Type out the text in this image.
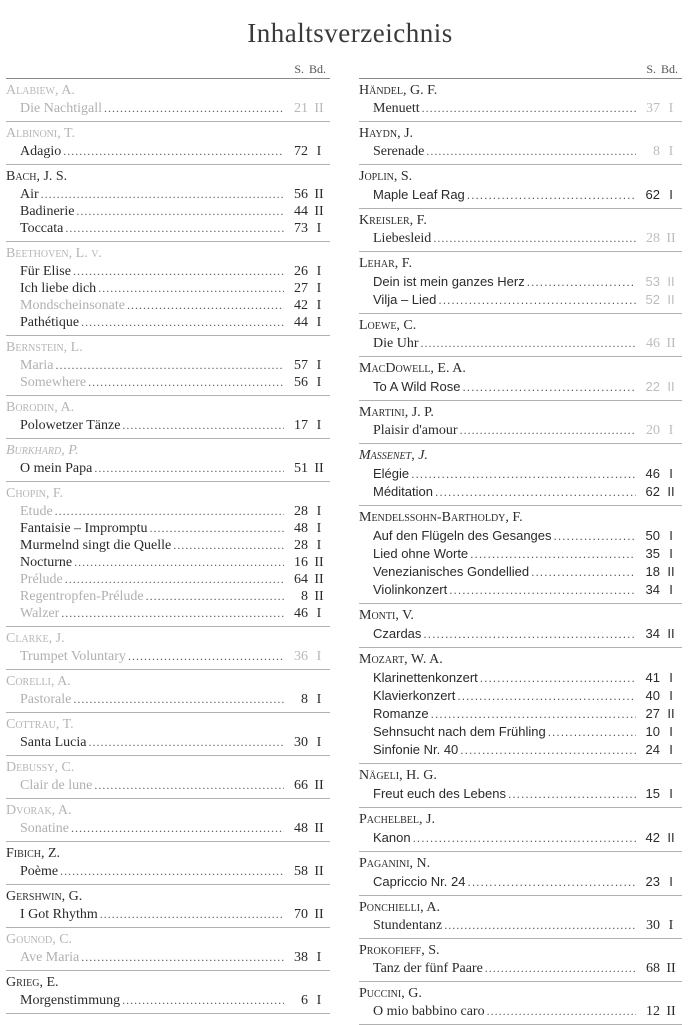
Inhaltsverzeichnis
S. Bd.
Alabiew, A.
Die Nachtigall .....	21 II
Albinoni, T.
Adagio .....	72 I
Bach, J. S.
Air .....	56 II
Badinerie .....	44 II
Toccata .....	73 I
Beethoven, L. v.
Für Elise .....	26 I
Ich liebe dich .....	27 I
Mondscheinsonate .....	42 I
Pathétique .....	44 I
Bernstein, L.
Maria .....	57 I
Somewhere .....	56 I
Borodin, A.
Polowetzer Tänze .....	17 I
Burkhard, P.
O mein Papa .....	51 II
Chopin, F.
Etude .....	28 I
Fantaisie – Impromptu .....	48 I
Murmelnd singt die Quelle .....	28 I
Nocturne .....	16 II
Prélude .....	64 II
Regentropfen-Prélude .....	8 II
Walzer .....	46 I
Clarke, J.
Trumpet Voluntary .....	36 I
Corelli, A.
Pastorale .....	8 I
Cottrau, T.
Santa Lucia .....	30 I
Debussy, C.
Clair de lune .....	66 II
Dvorak, A.
Sonatine .....	48 II
Fibich, Z.
Poème .....	58 II
Gershwin, G.
I Got Rhythm .....	70 II
Gounod, C.
Ave Maria .....	38 I
Grieg, E.
Morgenstimmung .....	6 I
S. Bd.
Händel, G. F.
Menuett .....	37 I
Haydn, J.
Serenade .....	8 I
Joplin, S.
Maple Leaf Rag .....	62 I
Kreisler, F.
Liebesleid .....	28 II
Lehar, F.
Dein ist mein ganzes Herz .....	53 II
Vilja – Lied .....	52 II
Loewe, C.
Die Uhr .....	46 II
MacDowell, E. A.
To A Wild Rose .....	22 II
Martini, J. P.
Plaisir d'amour .....	20 I
Massenet, J.
Elégie .....	46 I
Méditation .....	62 II
Mendelssohn-Bartholdy, F.
Auf den Flügeln des Gesanges .....	50 I
Lied ohne Worte .....	35 I
Venezianisches Gondellied .....	18 II
Violinkonzert .....	34 I
Monti, V.
Czardas .....	34 II
Mozart, W. A.
Klarinettenkonzert .....	41 I
Klavierkonzert .....	40 I
Romanze .....	27 II
Sehnsucht nach dem Frühling .....	10 I
Sinfonie Nr. 40 .....	24 I
Nägeli, H. G.
Freut euch des Lebens .....	15 I
Pachelbel, J.
Kanon .....	42 II
Paganini, N.
Capriccio Nr. 24 .....	23 I
Ponchielli, A.
Stundentanz .....	30 I
Prokofieff, S.
Tanz der fünf Paare .....	68 II
Puccini, G.
O mio babbino caro .....	12 II
